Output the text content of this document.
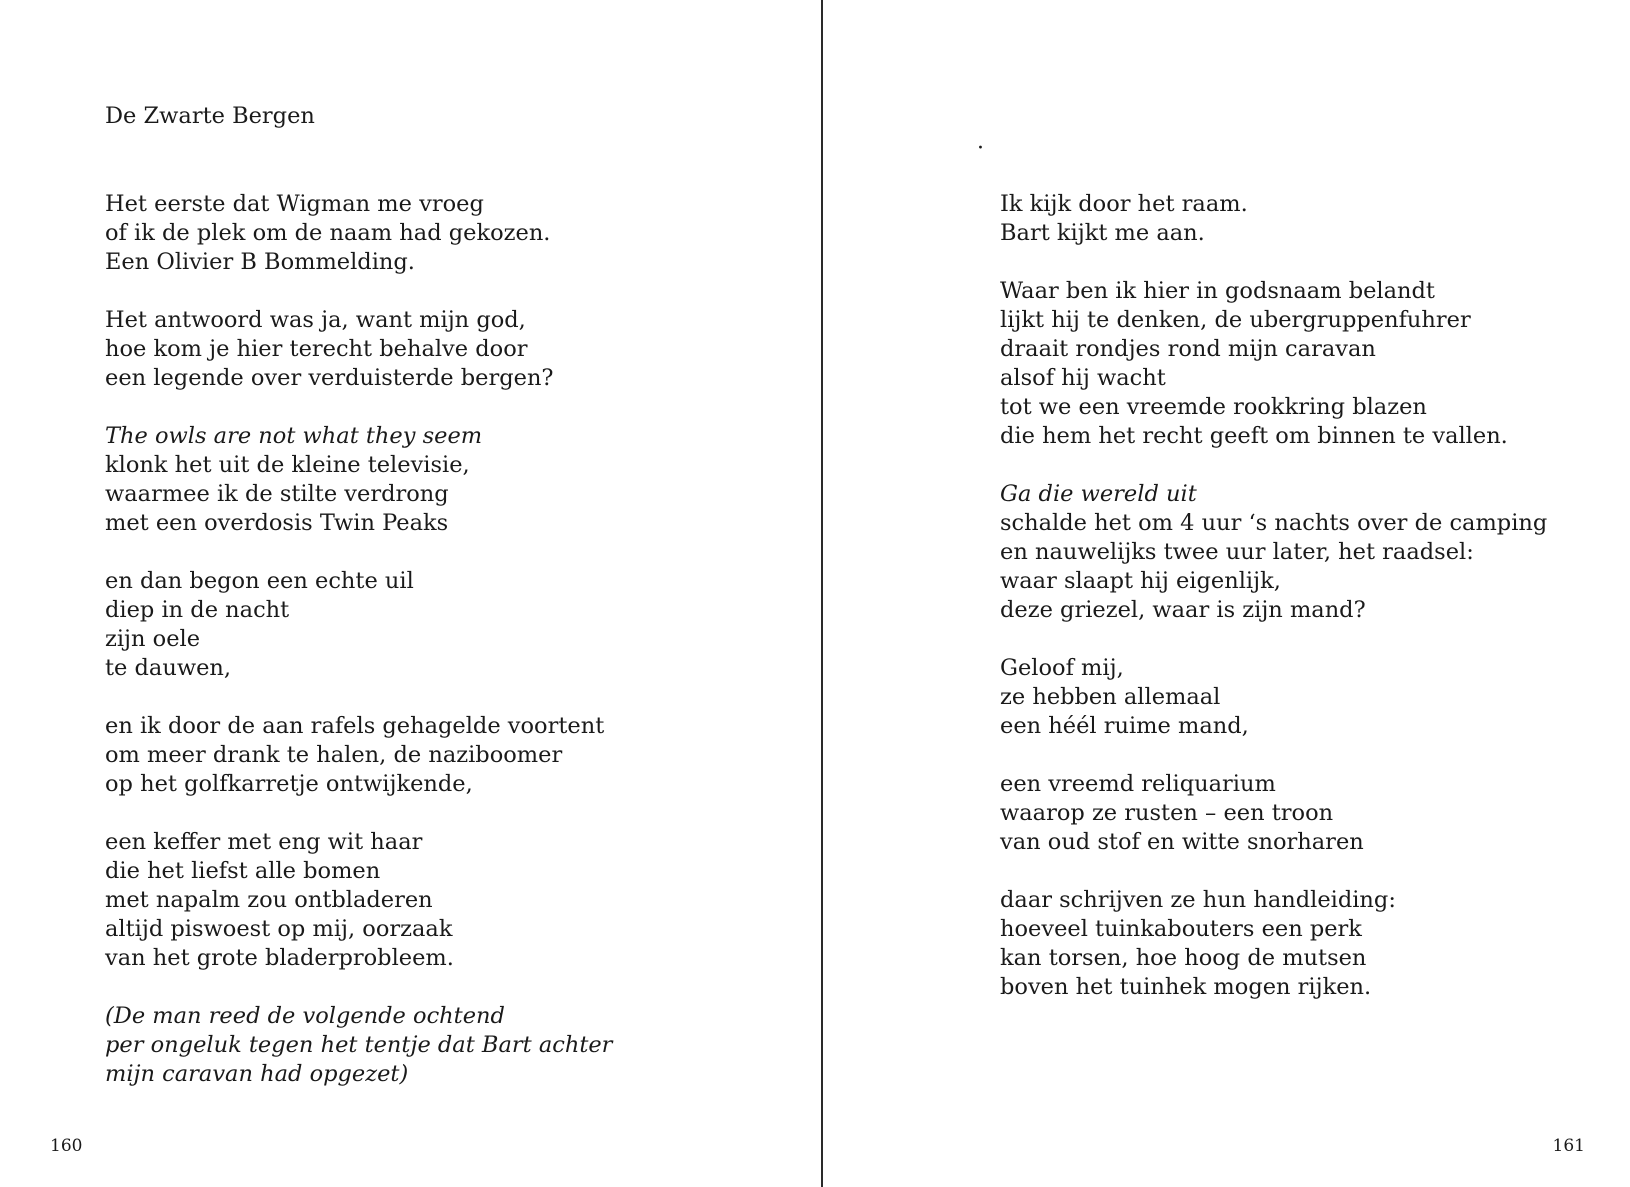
De Zwarte Bergen
Het eerste dat Wigman me vroeg
of ik de plek om de naam had gekozen.
Een Olivier B Bommelding.
Het antwoord was ja, want mijn god,
hoe kom je hier terecht behalve door
een legende over verduisterde bergen?
The owls are not what they seem
klonk het uit de kleine televisie,
waarmee ik de stilte verdrong
met een overdosis Twin Peaks
en dan begon een echte uil
diep in de nacht
zijn oele
te dauwen,
en ik door de aan rafels gehagelde voortent
om meer drank te halen, de naziboomer
op het golfkarretje ontwijkende,
een keffer met eng wit haar
die het liefst alle bomen
met napalm zou ontbladeren
altijd piswoest op mij, oorzaak
van het grote bladerprobleem.
(De man reed de volgende ochtend
per ongeluk tegen het tentje dat Bart achter
mijn caravan had opgezet)
160
·
Ik kijk door het raam.
Bart kijkt me aan.
Waar ben ik hier in godsnaam belandt
lijkt hij te denken, de ubergruppenfuhrer
draait rondjes rond mijn caravan
alsof hij wacht
tot we een vreemde rookkring blazen
die hem het recht geeft om binnen te vallen.
Ga die wereld uit
schalde het om 4 uur ‘s nachts over de camping
en nauwelijks twee uur later, het raadsel:
waar slaapt hij eigenlijk,
deze griezel, waar is zijn mand?
Geloof mij,
ze hebben allemaal
een héél ruime mand,
een vreemd reliquarium
waarop ze rusten – een troon
van oud stof en witte snorharen
daar schrijven ze hun handleiding:
hoeveel tuinkabouters een perk
kan torsen, hoe hoog de mutsen
boven het tuinhek mogen rijken.
161
